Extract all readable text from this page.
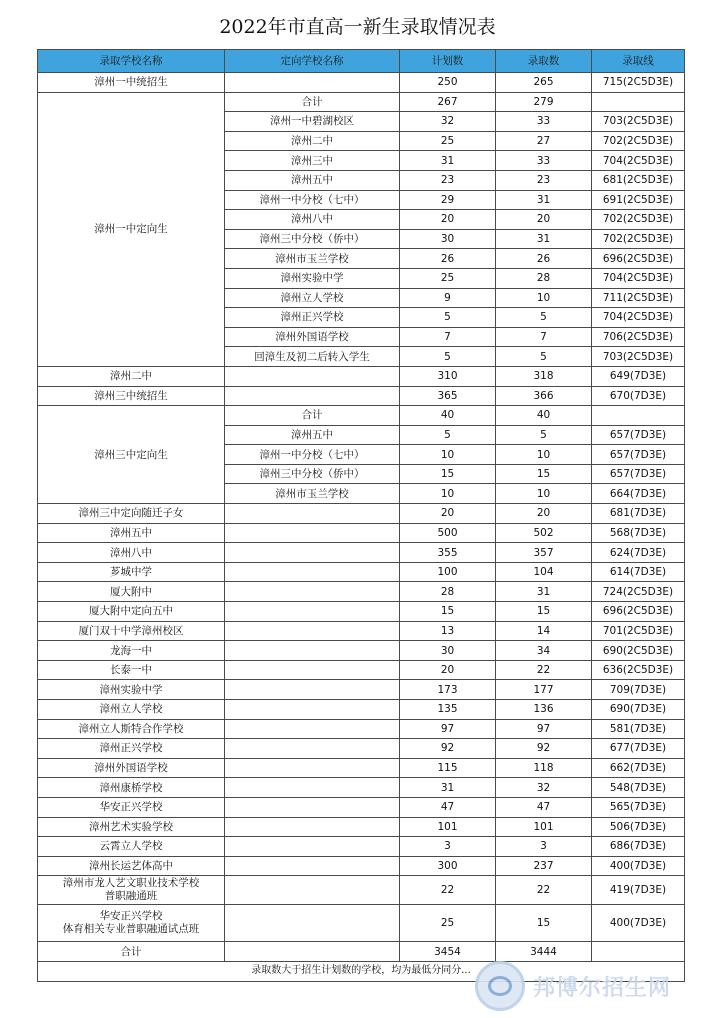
2022年市直高一新生录取情况表
录取学校名称	定向学校名称	计划数	录取数	录取线
漳州一中统招生		250	265	715(2C5D3E)
漳州一中定向生	合计	267	279	
	漳州一中碧湖校区	32	33	703(2C5D3E)
	漳州二中	25	27	702(2C5D3E)
	漳州三中	31	33	704(2C5D3E)
	漳州五中	23	23	681(2C5D3E)
	漳州一中分校（七中）	29	31	691(2C5D3E)
	漳州八中	20	20	702(2C5D3E)
	漳州三中分校（侨中）	30	31	702(2C5D3E)
	漳州市玉兰学校	26	26	696(2C5D3E)
	漳州实验中学	25	28	704(2C5D3E)
	漳州立人学校	9	10	711(2C5D3E)
	漳州正兴学校	5	5	704(2C5D3E)
	漳州外国语学校	7	7	706(2C5D3E)
	回漳生及初二后转入学生	5	5	703(2C5D3E)
漳州二中		310	318	649(7D3E)
漳州三中统招生		365	366	670(7D3E)
漳州三中定向生	合计	40	40	
	漳州五中	5	5	657(7D3E)
	漳州一中分校（七中）	10	10	657(7D3E)
	漳州三中分校（侨中）	15	15	657(7D3E)
	漳州市玉兰学校	10	10	664(7D3E)
漳州三中定向随迁子女		20	20	681(7D3E)
漳州五中		500	502	568(7D3E)
漳州八中		355	357	624(7D3E)
芗城中学		100	104	614(7D3E)
厦大附中		28	31	724(2C5D3E)
厦大附中定向五中		15	15	696(2C5D3E)
厦门双十中学漳州校区		13	14	701(2C5D3E)
龙海一中		30	34	690(2C5D3E)
长泰一中		20	22	636(2C5D3E)
漳州实验中学		173	177	709(7D3E)
漳州立人学校		135	136	690(7D3E)
漳州立人斯特合作学校		97	97	581(7D3E)
漳州正兴学校		92	92	677(7D3E)
漳州外国语学校		115	118	662(7D3E)
漳州康桥学校		31	32	548(7D3E)
华安正兴学校		47	47	565(7D3E)
漳州艺术实验学校		101	101	506(7D3E)
云霄立人学校		3	3	686(7D3E)
漳州长运艺体高中		300	237	400(7D3E)

漳州市龙人艺文职业技术学校
普职融通班		22	22	419(7D3E)

华安正兴学校
体育相关专业普职融通试点班		25	15	400(7D3E)
合计		3454	3444	
录取数大于招生计划数的学校，均为最低分同分...				
邦博尔招生网
